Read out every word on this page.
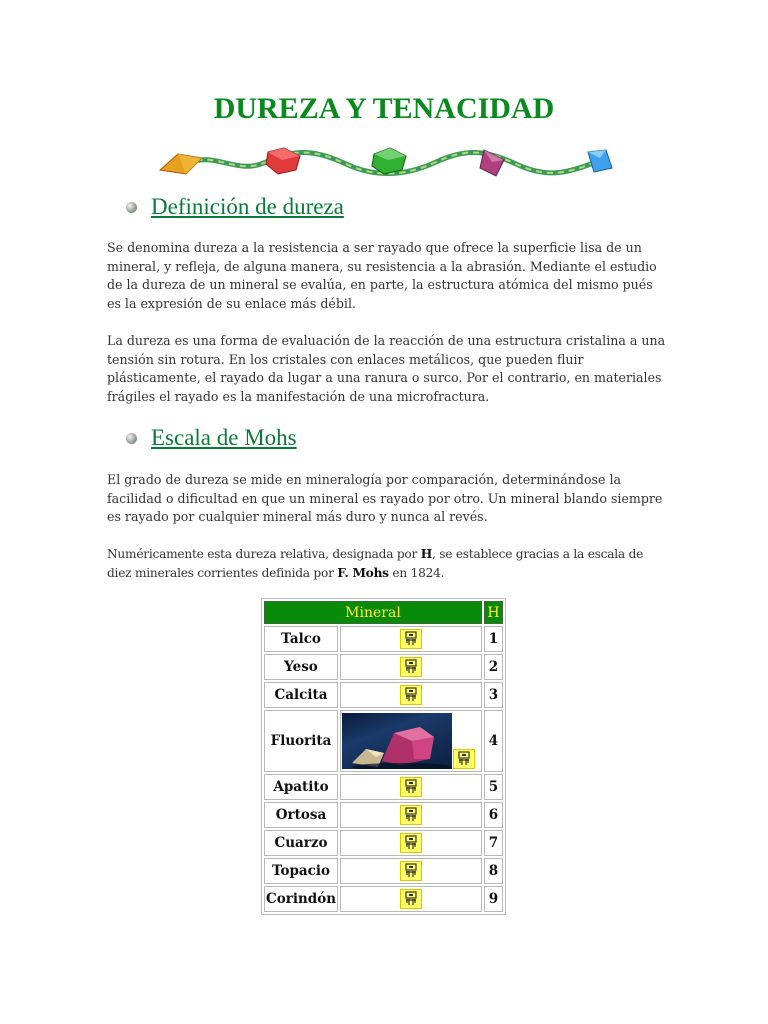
DUREZA Y TENACIDAD
Definición de dureza

Se denomina dureza a la resistencia a ser rayado que ofrece la superficie lisa de un mineral, y refleja, de alguna manera, su resistencia a la abrasión. Mediante el estudio de la dureza de un mineral se evalúa, en parte, la estructura atómica del mismo pués es la expresión de su enlace más débil.

La dureza es una forma de evaluación de la reacción de una estructura cristalina a una tensión sin rotura. En los cristales con enlaces metálicos, que pueden fluir plásticamente, el rayado da lugar a una ranura o surco. Por el contrario, en materiales frágiles el rayado es la manifestación de una microfractura.

Escala de Mohs

El grado de dureza se mide en mineralogía por comparación, determinándose la facilidad o dificultad en que un mineral es rayado por otro. Un mineral blando siempre es rayado por cualquier mineral más duro y nunca al revés.

Numéricamente esta dureza relativa, designada por H, se establece gracias a la escala de diez minerales corrientes definida por F. Mohs en 1824.

Mineral		H
Talco		1
Yeso		2
Calcita		3
Fluorita		4
Apatito		5
Ortosa		6
Cuarzo		7
Topacio		8
Corindón		9
